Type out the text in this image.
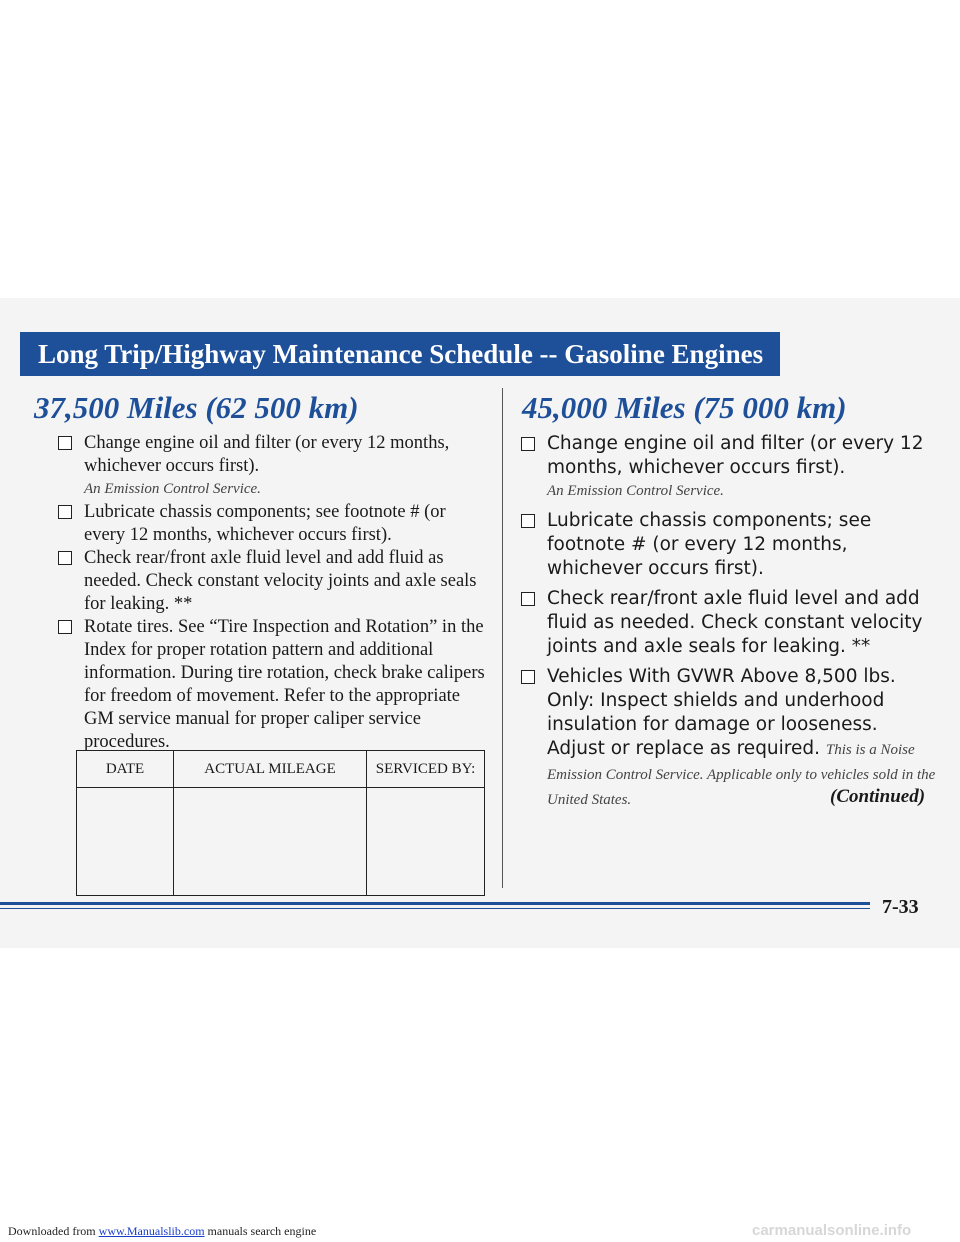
Long Trip/Highway Maintenance Schedule -- Gasoline Engines
37,500 Miles (62 500 km)
Change engine oil and filter (or every 12 months, whichever occurs first).
An Emission Control Service.
Lubricate chassis components; see footnote # (or every 12 months, whichever occurs first).
Check rear/front axle fluid level and add fluid as needed. Check constant velocity joints and axle seals for leaking. **
Rotate tires. See “Tire Inspection and Rotation” in the Index for proper rotation pattern and additional information. During tire rotation, check brake calipers for freedom of movement. Refer to the appropriate GM service manual for proper caliper service procedures.
DATE	ACTUAL MILEAGE	SERVICED BY:

45,000 Miles (75 000 km)
Change engine oil and filter (or every 12 months, whichever occurs first).
An Emission Control Service.
Lubricate chassis components; see footnote # (or every 12 months, whichever occurs first).
Check rear/front axle fluid level and add fluid as needed. Check constant velocity joints and axle seals for leaking. **
Vehicles With GVWR Above 8,500 lbs. Only: Inspect shields and underhood insulation for damage or looseness. Adjust or replace as required. This is a Noise Emission Control Service. Applicable only to vehicles sold in the United States.	(Continued)
7-33
Downloaded from www.Manualslib.com manuals search engine	carmanualsonline.info
